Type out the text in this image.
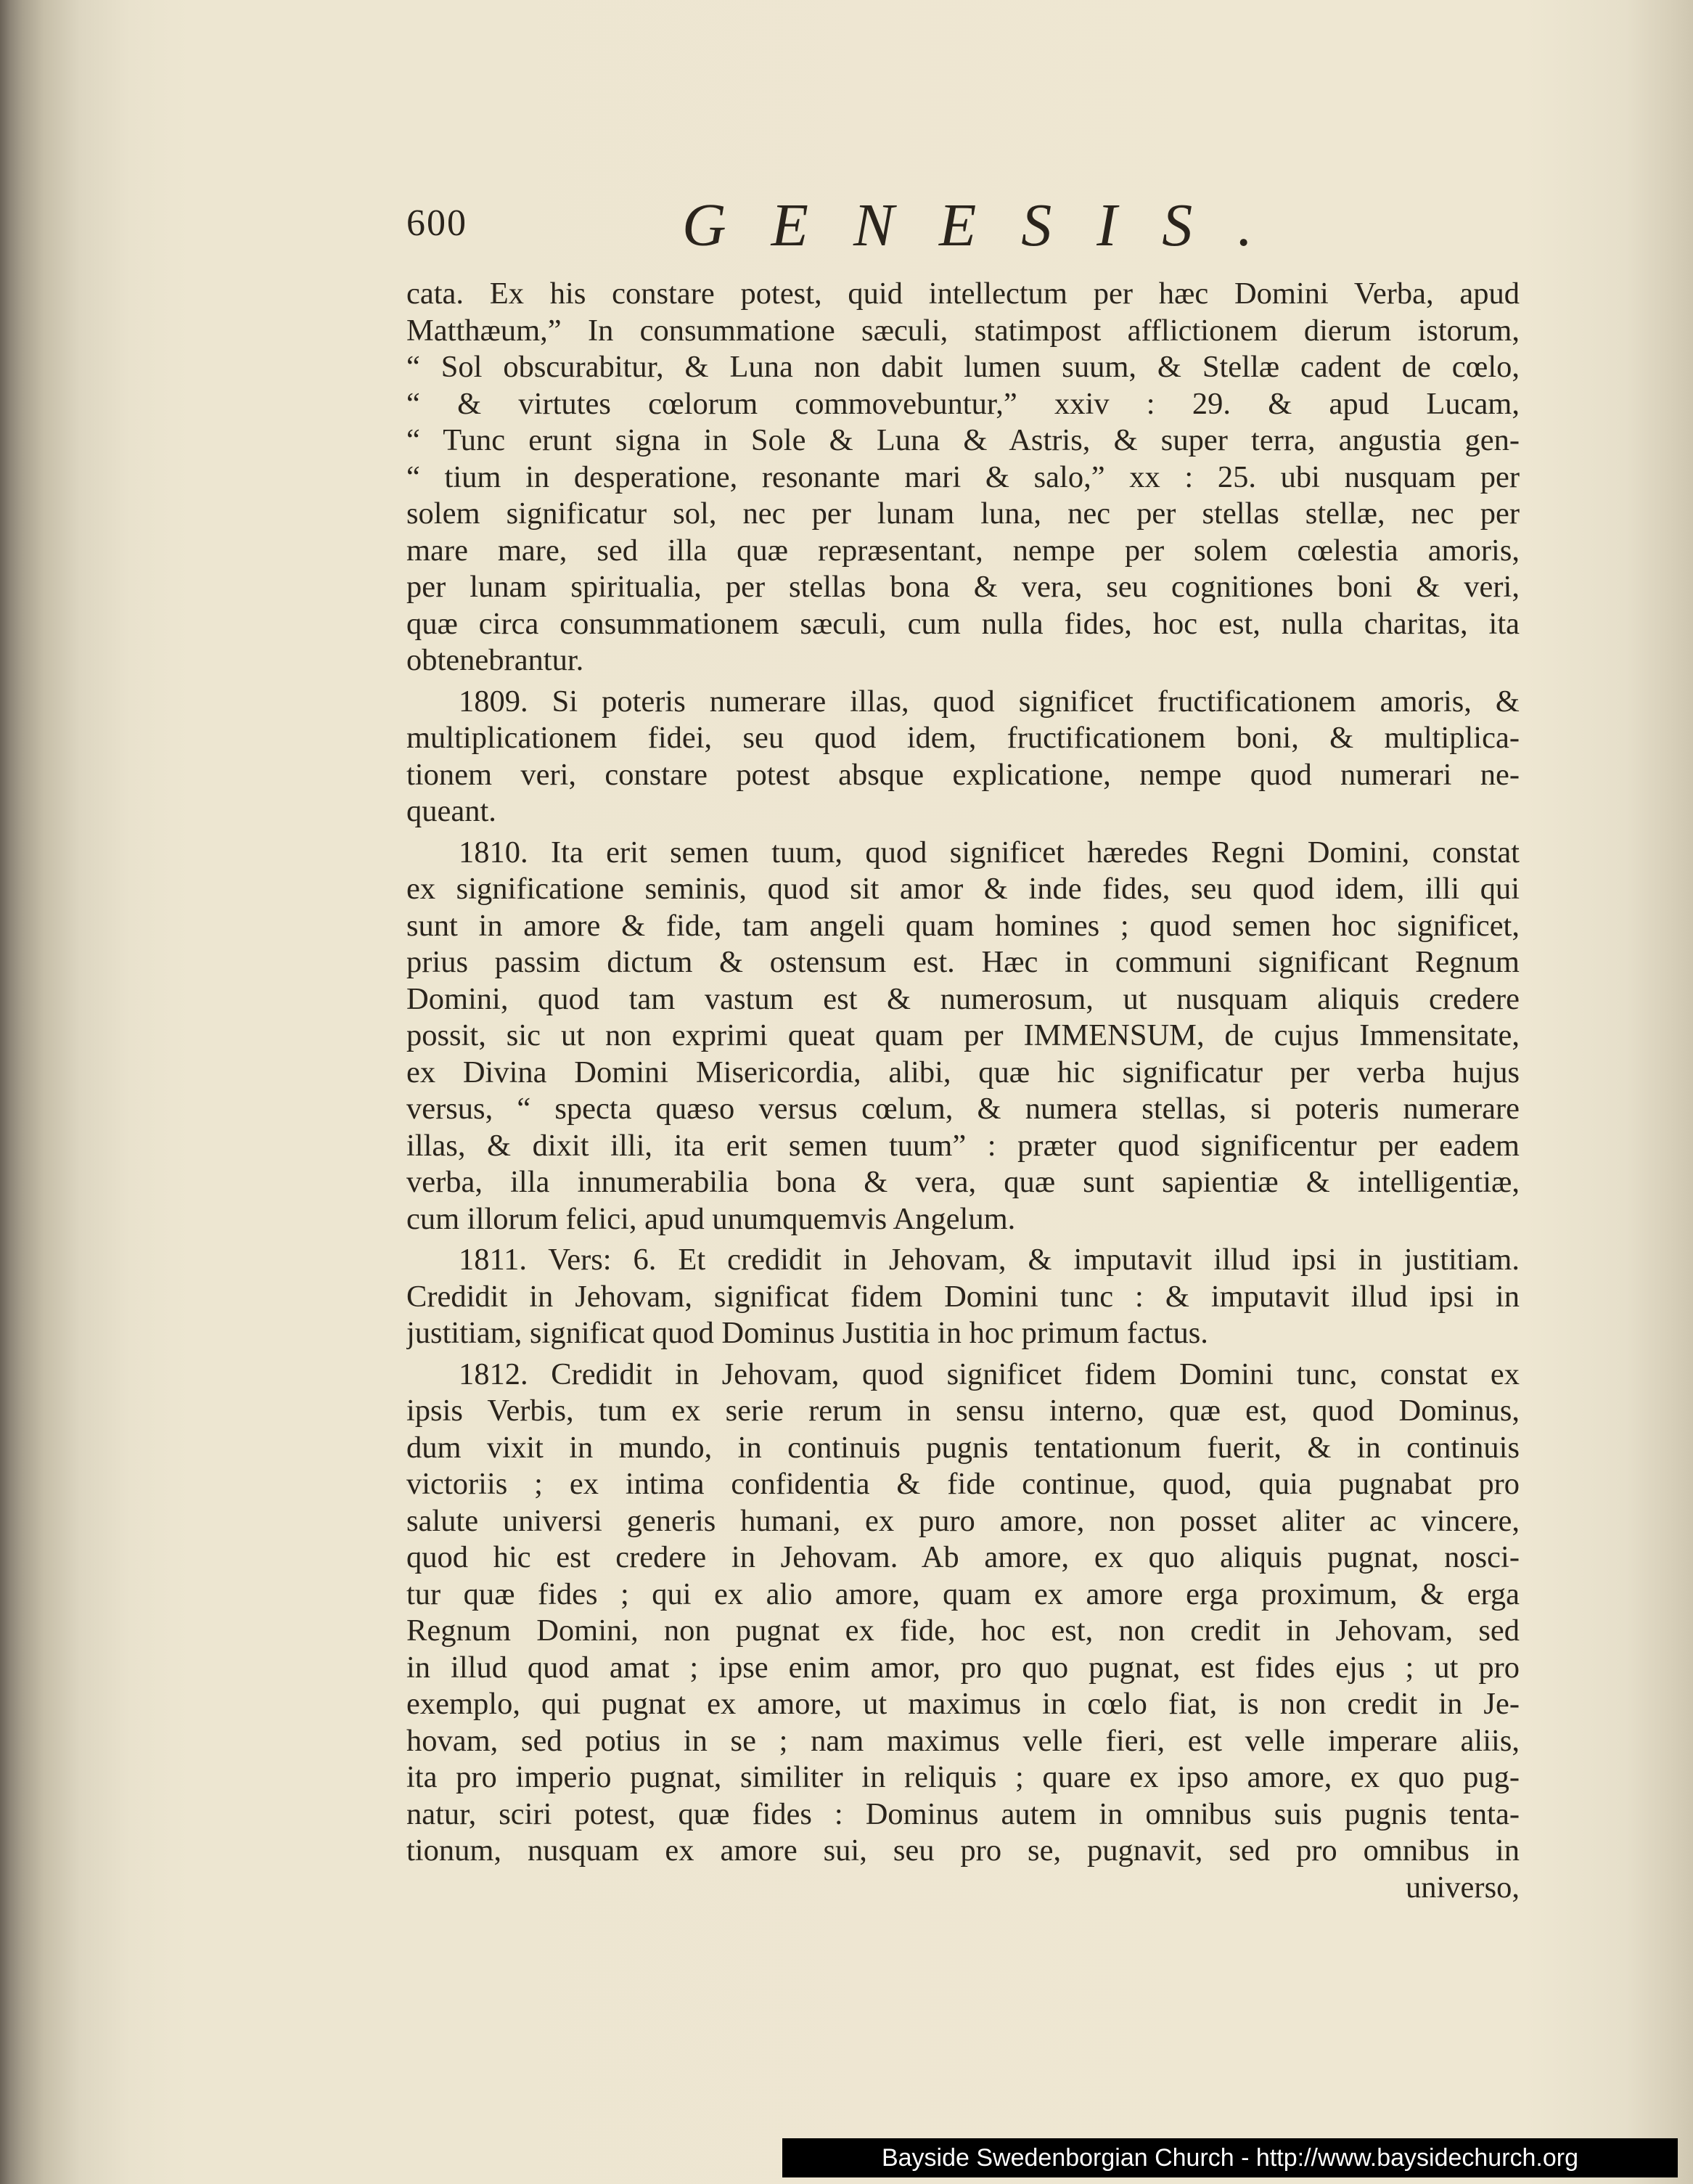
600	GENESIS.
cata. Ex his constare potest, quid intellectum per hæc Domini Verba, apud
Matthæum,” In consummatione sæculi, statimpost afflictionem dierum istorum,
“ Sol obscurabitur, & Luna non dabit lumen suum, & Stellæ cadent de cœlo,
“ & virtutes cœlorum commovebuntur,” xxiv : 29. & apud Lucam,
“ Tunc erunt signa in Sole & Luna & Astris, & super terra, angustia gen-
“ tium in desperatione, resonante mari & salo,” xx : 25. ubi nusquam per
solem significatur sol, nec per lunam luna, nec per stellas stellæ, nec per
mare mare, sed illa quæ repræsentant, nempe per solem cœlestia amoris,
per lunam spiritualia, per stellas bona & vera, seu cognitiones boni & veri,
quæ circa consummationem sæculi, cum nulla fides, hoc est, nulla charitas, ita
obtenebrantur.
1809. Si poteris numerare illas, quod significet fructificationem amoris, &
multiplicationem fidei, seu quod idem, fructificationem boni, & multiplica-
tionem veri, constare potest absque explicatione, nempe quod numerari ne-
queant.
1810. Ita erit semen tuum, quod significet hæredes Regni Domini, constat
ex significatione seminis, quod sit amor & inde fides, seu quod idem, illi qui
sunt in amore & fide, tam angeli quam homines ; quod semen hoc significet,
prius passim dictum & ostensum est. Hæc in communi significant Regnum
Domini, quod tam vastum est & numerosum, ut nusquam aliquis credere
possit, sic ut non exprimi queat quam per IMMENSUM, de cujus Immensitate,
ex Divina Domini Misericordia, alibi, quæ hic significatur per verba hujus
versus, “ specta quæso versus cœlum, & numera stellas, si poteris numerare
illas, & dixit illi, ita erit semen tuum” : præter quod significentur per eadem
verba, illa innumerabilia bona & vera, quæ sunt sapientiæ & intelligentiæ,
cum illorum felici, apud unumquemvis Angelum.
1811. Vers: 6. Et credidit in Jehovam, & imputavit illud ipsi in justitiam.
Credidit in Jehovam, significat fidem Domini tunc : & imputavit illud ipsi in
justitiam, significat quod Dominus Justitia in hoc primum factus.
1812. Credidit in Jehovam, quod significet fidem Domini tunc, constat ex
ipsis Verbis, tum ex serie rerum in sensu interno, quæ est, quod Dominus,
dum vixit in mundo, in continuis pugnis tentationum fuerit, & in continuis
victoriis ; ex intima confidentia & fide continue, quod, quia pugnabat pro
salute universi generis humani, ex puro amore, non posset aliter ac vincere,
quod hic est credere in Jehovam. Ab amore, ex quo aliquis pugnat, nosci-
tur quæ fides ; qui ex alio amore, quam ex amore erga proximum, & erga
Regnum Domini, non pugnat ex fide, hoc est, non credit in Jehovam, sed
in illud quod amat ; ipse enim amor, pro quo pugnat, est fides ejus ; ut pro
exemplo, qui pugnat ex amore, ut maximus in cœlo fiat, is non credit in Je-
hovam, sed potius in se ; nam maximus velle fieri, est velle imperare aliis,
ita pro imperio pugnat, similiter in reliquis ; quare ex ipso amore, ex quo pug-
natur, sciri potest, quæ fides : Dominus autem in omnibus suis pugnis tenta-
tionum, nusquam ex amore sui, seu pro se, pugnavit, sed pro omnibus in
universo,
Bayside Swedenborgian Church - http://www.baysidechurch.org
